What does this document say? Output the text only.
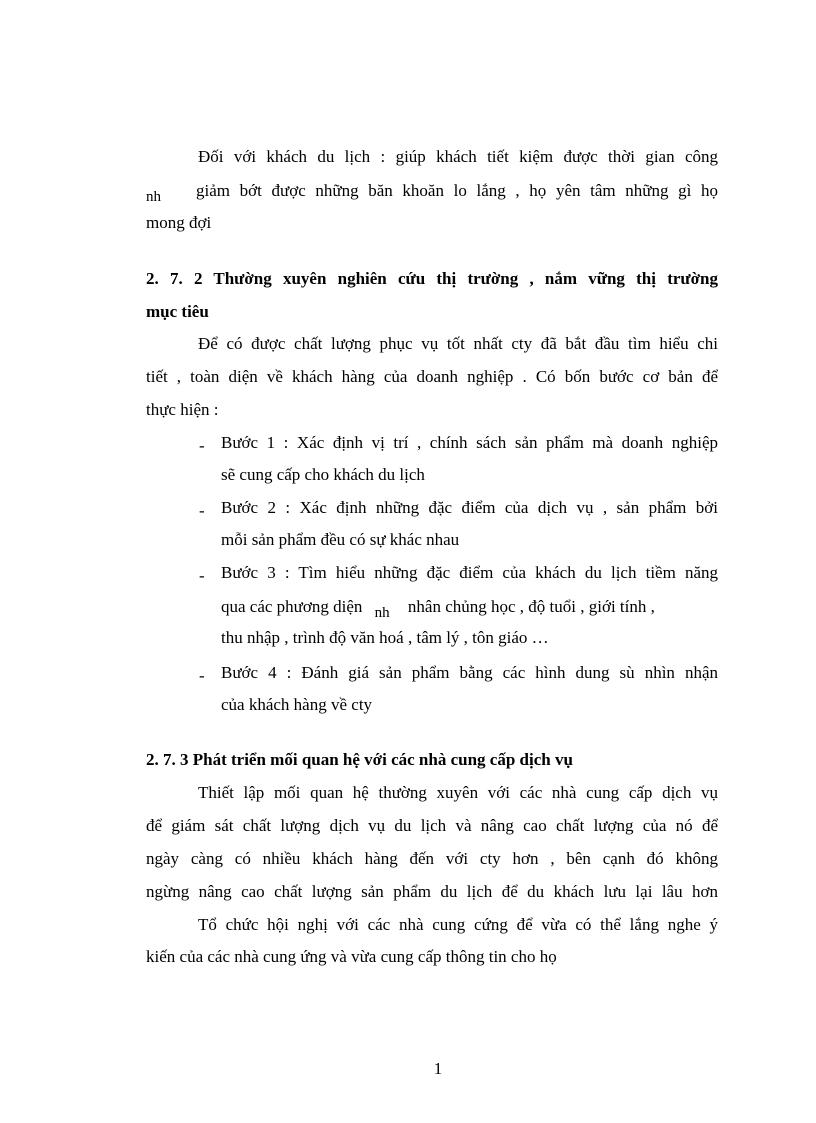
Đối với khách du lịch : giúp khách tiết kiệm được thời gian công
nh giảm bớt được những băn khoăn lo lắng , họ yên tâm những gì họ
mong đợi
2. 7. 2 Thường xuyên nghiên cứu thị trường , nắm vững thị trường
mục tiêu
Để có được chất lượng phục vụ tốt nhất cty đã bắt đầu tìm hiểu chi
tiết , toàn diện về khách hàng của doanh nghiệp . Có bốn bước cơ bản để
thực hiện :
- Bước 1 : Xác định vị trí , chính sách sản phẩm mà doanh nghiệp
sẽ cung cấp cho khách du lịch
- Bước 2 : Xác định những đặc điểm của dịch vụ , sản phẩm bởi
mỗi sản phẩm đều có sự khác nhau
- Bước 3 : Tìm hiểu những đặc điểm của khách du lịch tiềm năng
qua các phương diện nh nhân chủng học , độ tuổi , giới tính ,
thu nhập , trình độ văn hoá , tâm lý , tôn giáo …
- Bước 4 : Đánh giá sản phẩm bằng các hình dung sù nhìn nhận
của khách hàng về cty
2. 7. 3 Phát triển mối quan hệ với các nhà cung cấp dịch vụ
Thiết lập mối quan hệ thường xuyên với các nhà cung cấp dịch vụ
để giám sát chất lượng dịch vụ du lịch và nâng cao chất lượng của nó để
ngày càng có nhiều khách hàng đến với cty hơn , bên cạnh đó không
ngừng nâng cao chất lượng sản phẩm du lịch để du khách lưu lại lâu hơn
Tổ chức hội nghị với các nhà cung cứng để vừa có thể lắng nghe ý
kiến của các nhà cung ứng và vừa cung cấp thông tin cho họ
1
